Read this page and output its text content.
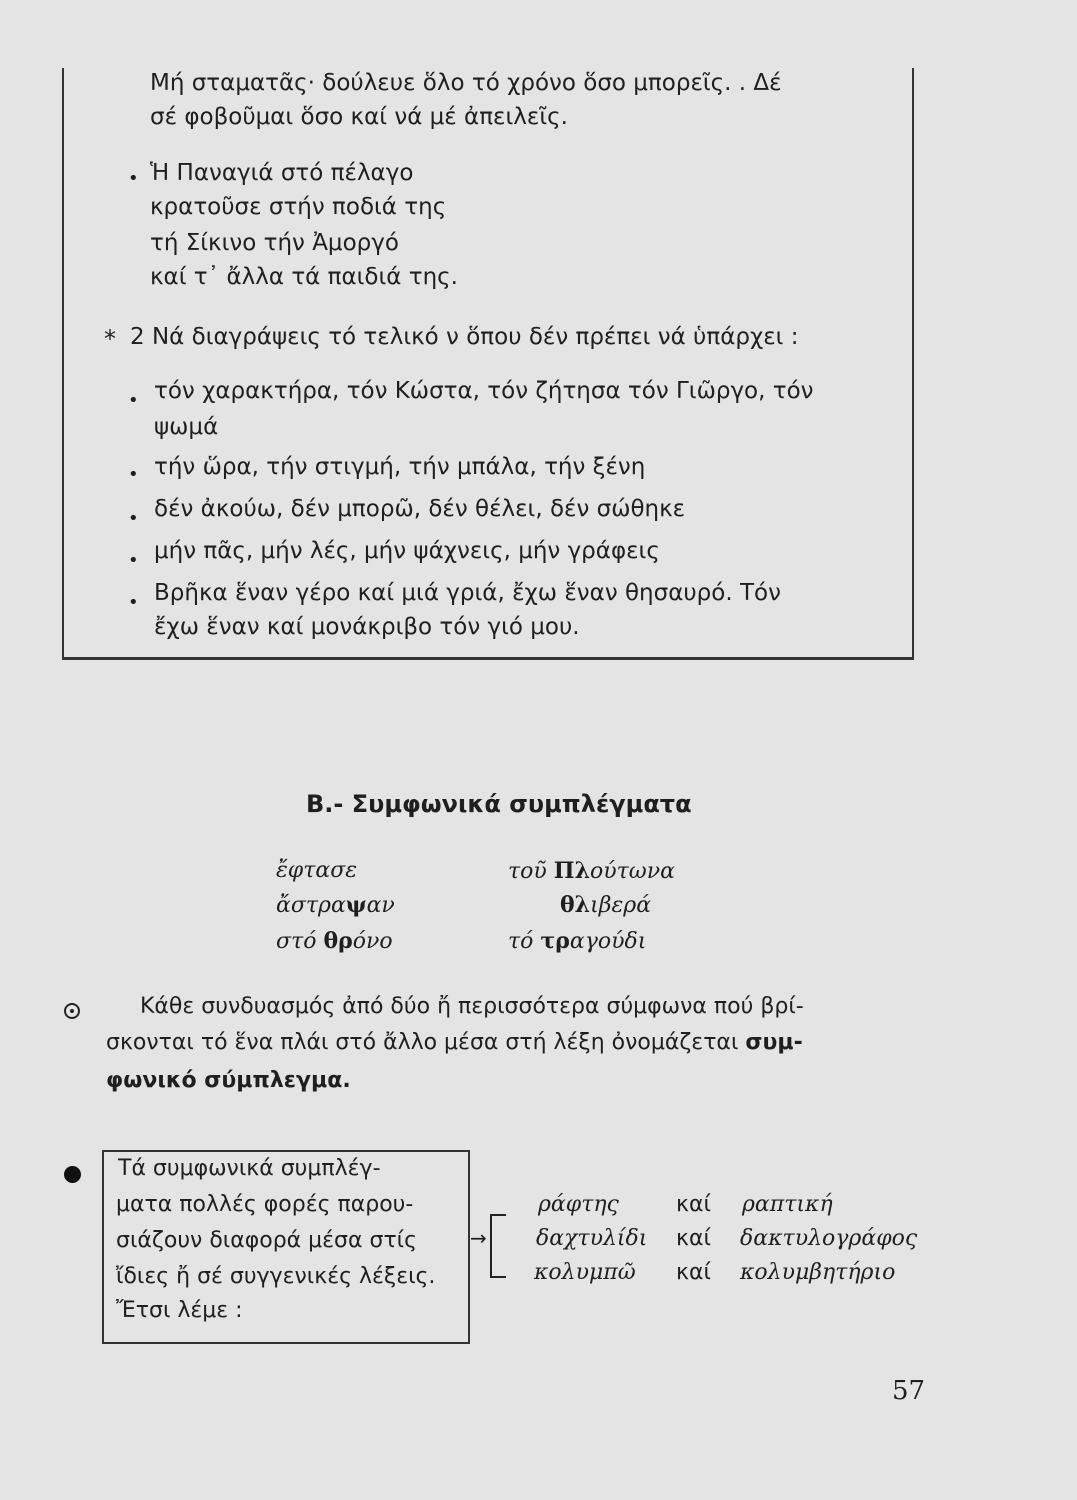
Μή σταματᾶς· δούλευε ὅλο τό χρόνο ὅσο μπορεῖς. . Δέ
σέ φοβοῦμαι ὅσο καί νά μέ ἀπειλεῖς.
• Ἡ Παναγιά στό πέλαγο
κρατοῦσε στήν ποδιά της
τή Σίκινο τήν Ἀμοργό
καί τ᾽ ἄλλα τά παιδιά της.
* 2 Νά διαγράψεις τό τελικό ν ὅπου δέν πρέπει νά ὑπάρχει :
• τόν χαρακτήρα, τόν Κώστα, τόν ζήτησα τόν Γιῶργο, τόν
ψωμά
• τήν ὥρα, τήν στιγμή, τήν μπάλα, τήν ξένη
• δέν ἀκούω, δέν μπορῶ, δέν θέλει, δέν σώθηκε
• μήν πᾶς, μήν λές, μήν ψάχνεις, μήν γράφεις
• Βρῆκα ἕναν γέρο καί μιά γριά, ἔχω ἕναν θησαυρό. Τόν
ἔχω ἕναν καί μονάκριβο τόν γιό μου.
Β.- Συμφωνικά συμπλέγματα
ἔφτασε
ἄστραψαν
στό θρόνο
τοῦ Πλούτωνα
θλιβερά
τό τραγούδι
Κάθε συνδυασμός ἀπό δύο ἤ περισσότερα σύμφωνα πού βρί-
σκονται τό ἕνα πλάι στό ἄλλο μέσα στή λέξη ὀνομάζεται συμ-
φωνικό σύμπλεγμα.
Τά συμφωνικά συμπλέγ-
ματα πολλές φορές παρου-
σιάζουν διαφορά μέσα στίς
ἴδιες ἤ σέ συγγενικές λέξεις.
Ἔτσι λέμε :
→
ράφτης	καί ραπτική
δαχτυλίδι καί δακτυλογράφος
κολυμπῶ καί κολυμβητήριο
57
